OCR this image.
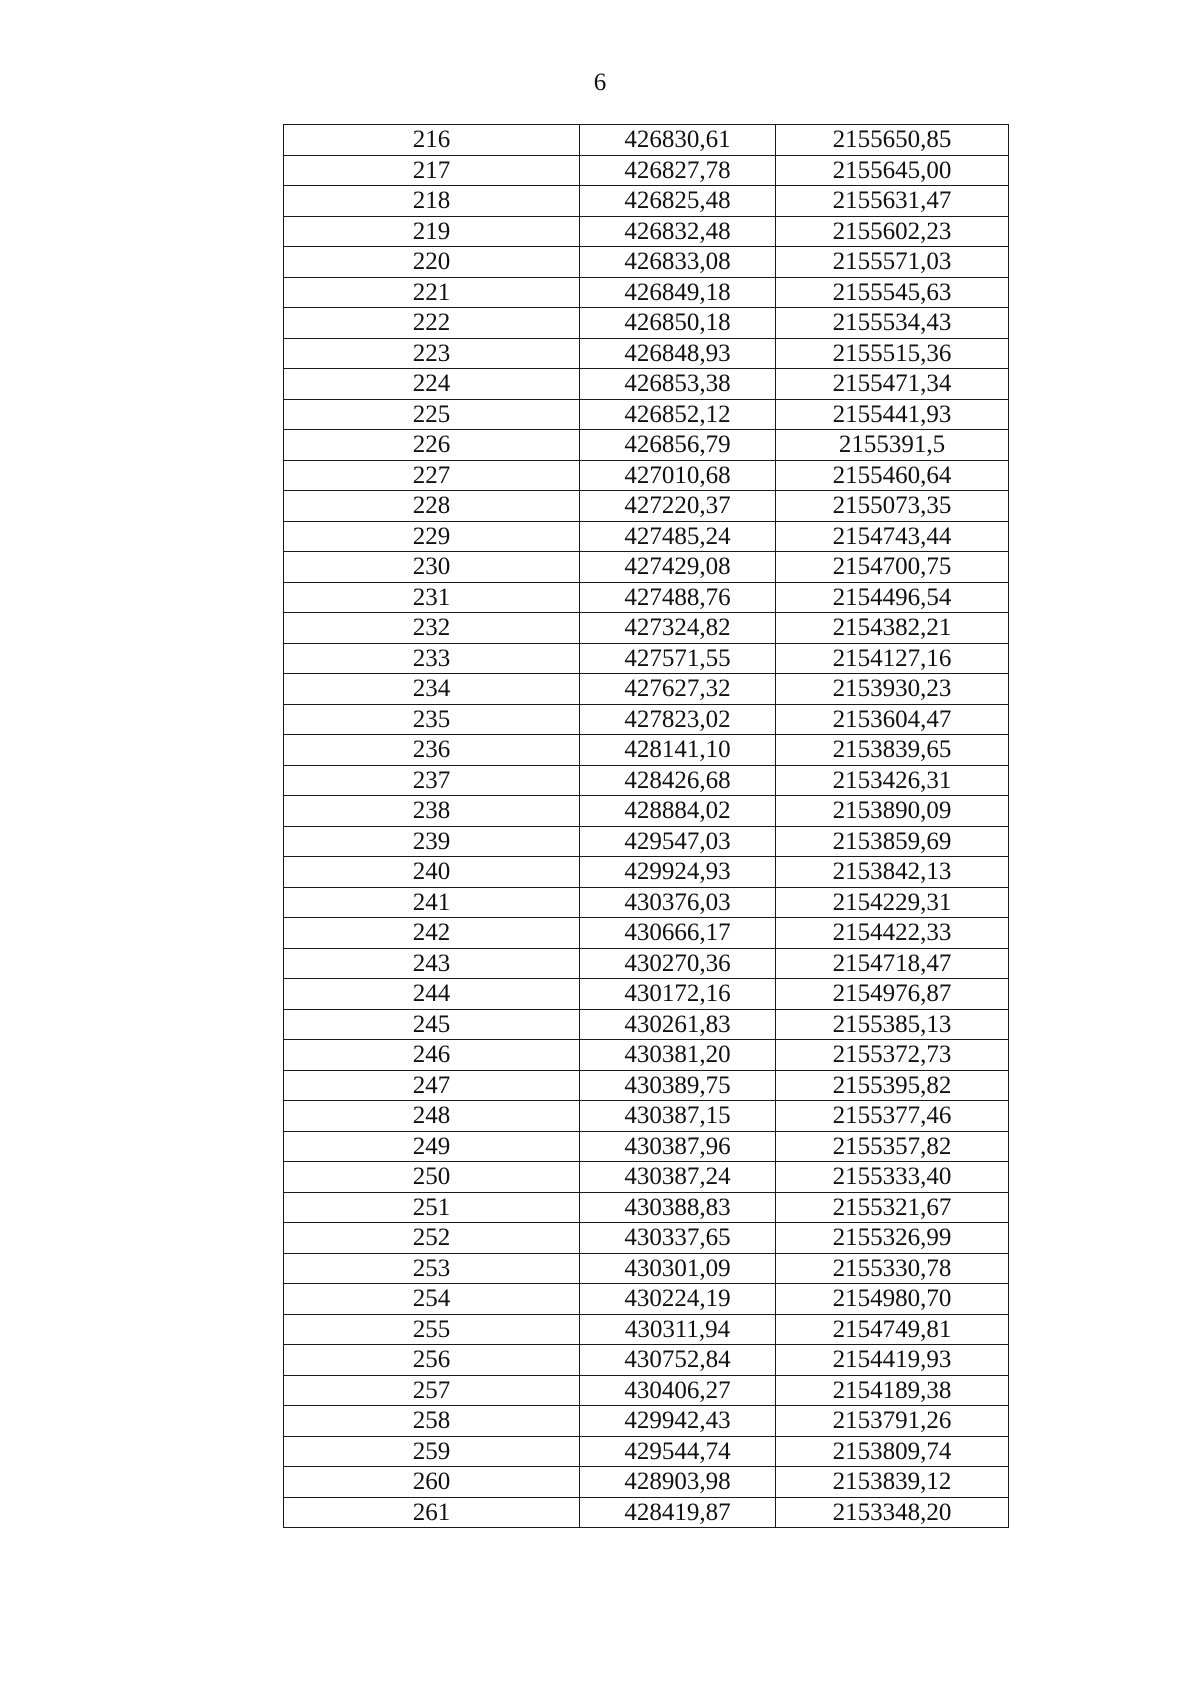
6
216	426830,61	2155650,85
217	426827,78	2155645,00
218	426825,48	2155631,47
219	426832,48	2155602,23
220	426833,08	2155571,03
221	426849,18	2155545,63
222	426850,18	2155534,43
223	426848,93	2155515,36
224	426853,38	2155471,34
225	426852,12	2155441,93
226	426856,79	2155391,5
227	427010,68	2155460,64
228	427220,37	2155073,35
229	427485,24	2154743,44
230	427429,08	2154700,75
231	427488,76	2154496,54
232	427324,82	2154382,21
233	427571,55	2154127,16
234	427627,32	2153930,23
235	427823,02	2153604,47
236	428141,10	2153839,65
237	428426,68	2153426,31
238	428884,02	2153890,09
239	429547,03	2153859,69
240	429924,93	2153842,13
241	430376,03	2154229,31
242	430666,17	2154422,33
243	430270,36	2154718,47
244	430172,16	2154976,87
245	430261,83	2155385,13
246	430381,20	2155372,73
247	430389,75	2155395,82
248	430387,15	2155377,46
249	430387,96	2155357,82
250	430387,24	2155333,40
251	430388,83	2155321,67
252	430337,65	2155326,99
253	430301,09	2155330,78
254	430224,19	2154980,70
255	430311,94	2154749,81
256	430752,84	2154419,93
257	430406,27	2154189,38
258	429942,43	2153791,26
259	429544,74	2153809,74
260	428903,98	2153839,12
261	428419,87	2153348,20
